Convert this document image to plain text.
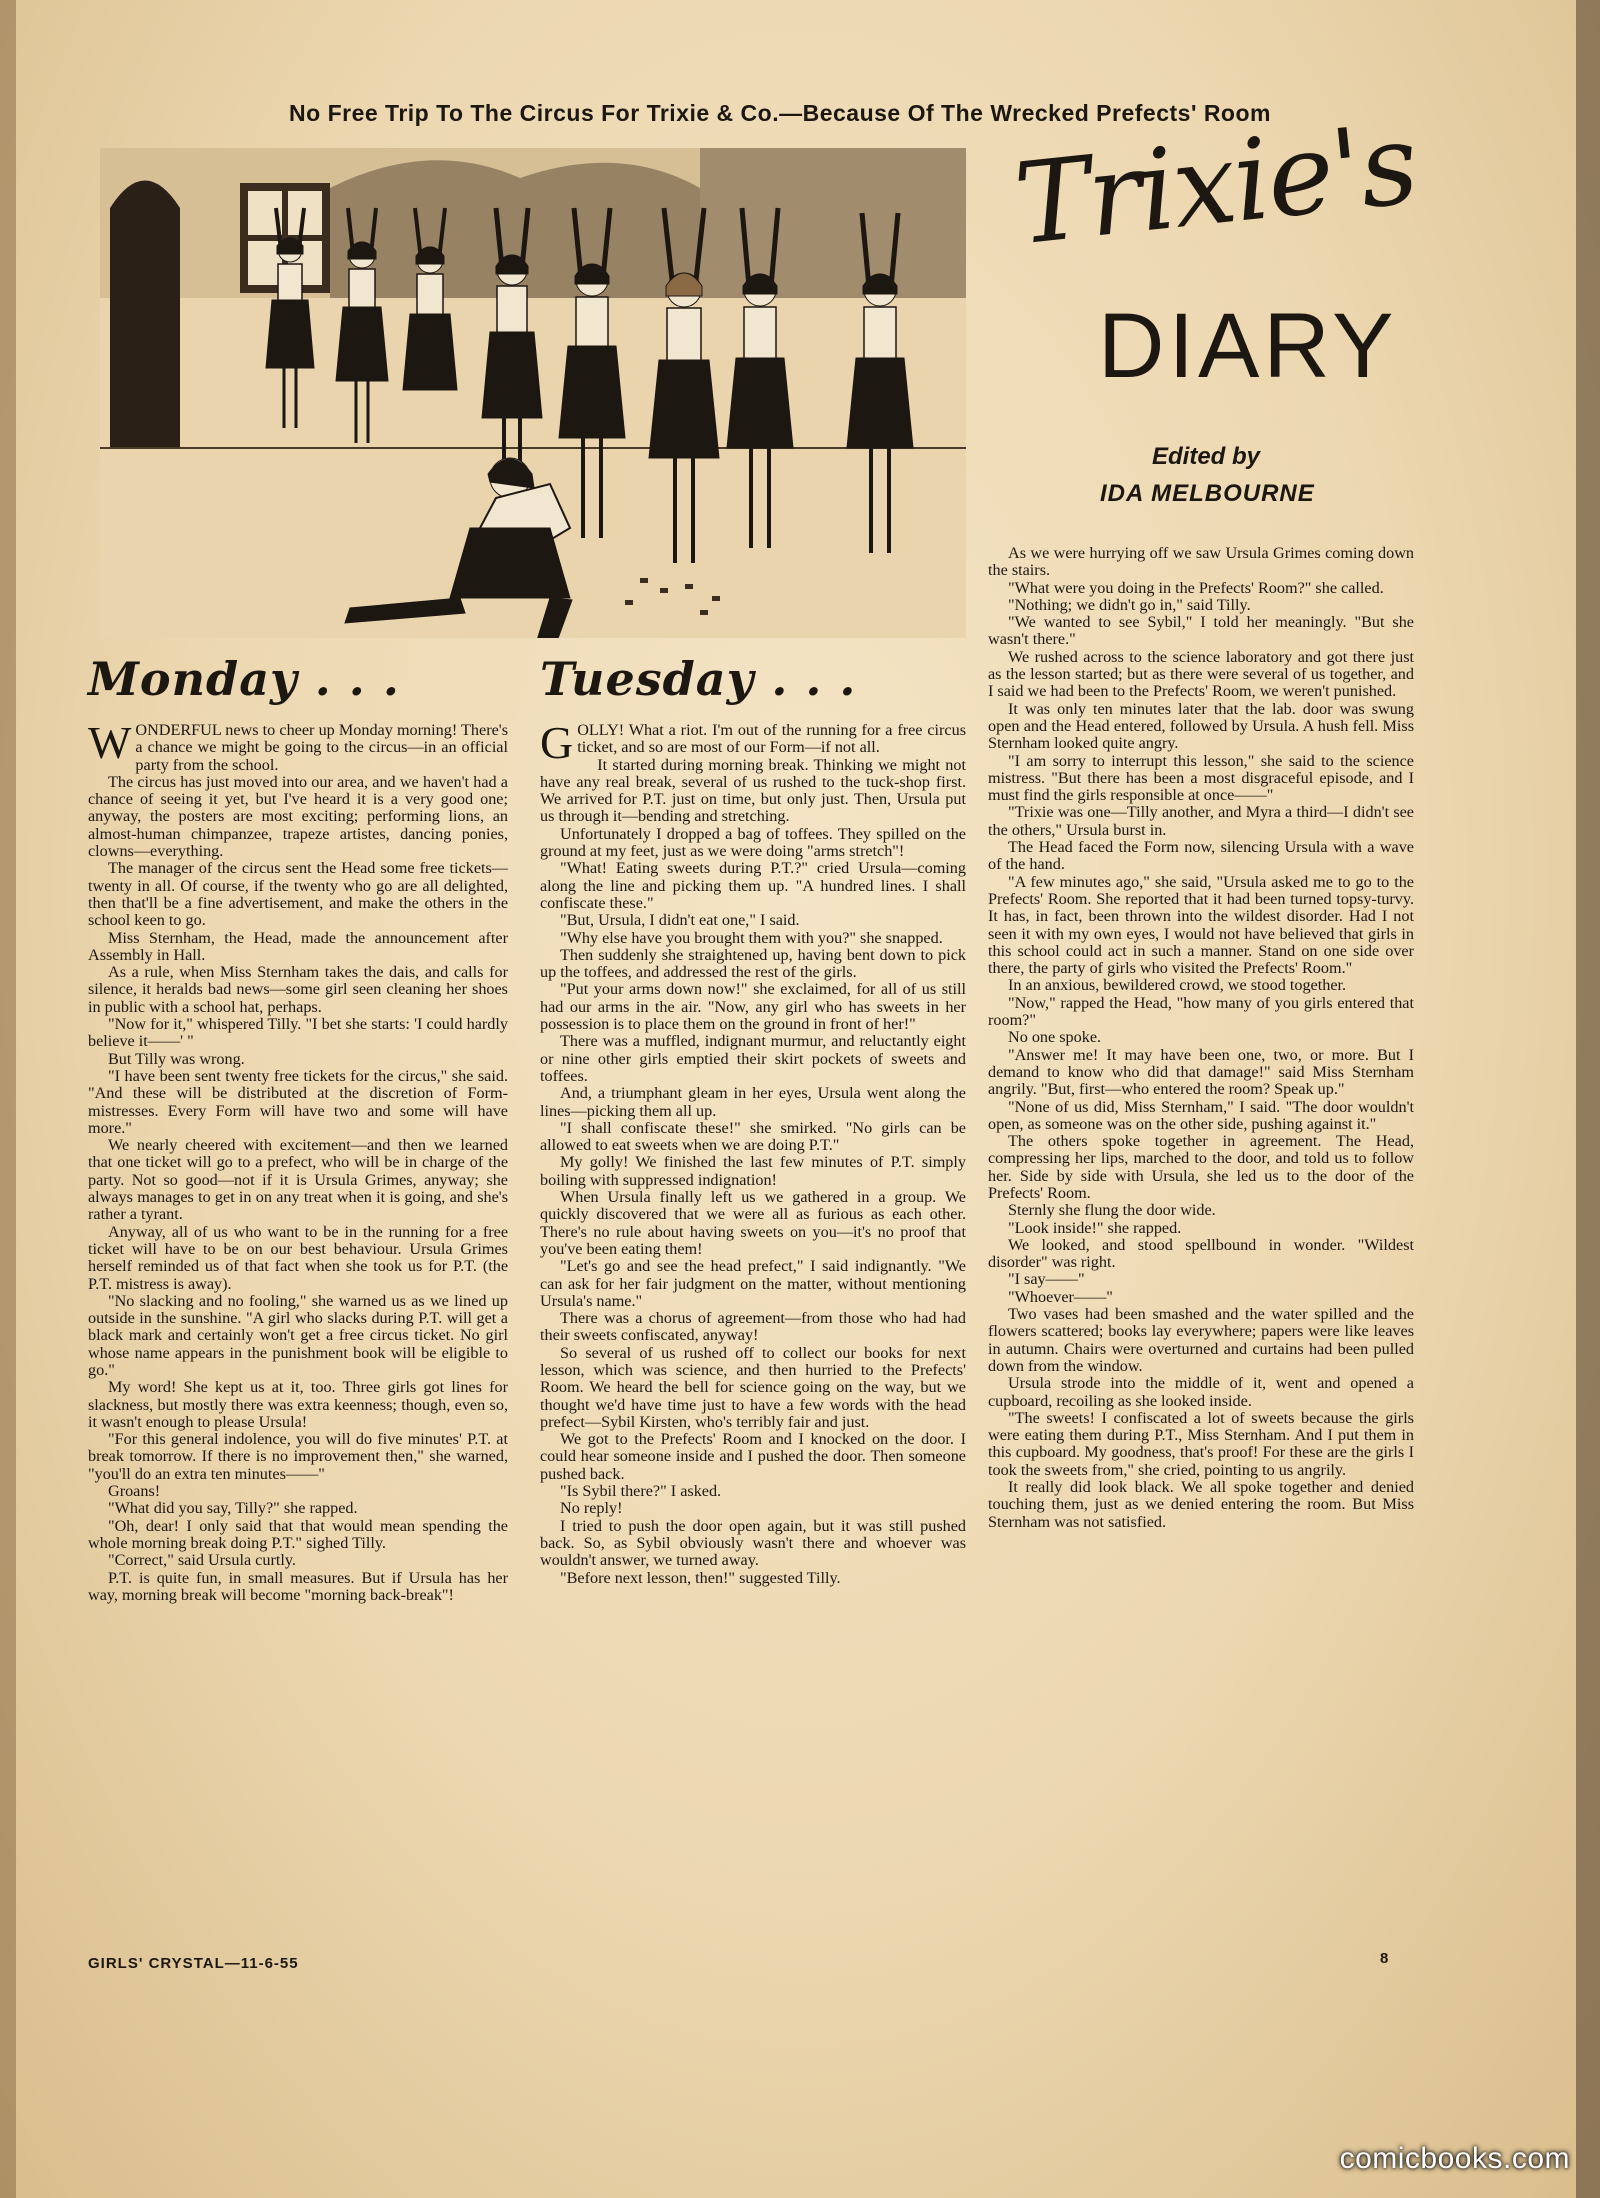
No Free Trip To The Circus For Trixie & Co.—Because Of The Wrecked Prefects' Room
Trixie's
DIARY
Edited by
IDA MELBOURNE
Monday . . .	Tuesday . . .
W ONDERFUL news to cheer up Monday morning! There's a chance we might be going to the circus—in an official party from the school.

The circus has just moved into our area, and we haven't had a chance of seeing it yet, but I've heard it is a very good one; anyway, the posters are most exciting; performing lions, an almost-human chimpanzee, trapeze artistes, dancing ponies, clowns—everything.

The manager of the circus sent the Head some free tickets—twenty in all. Of course, if the twenty who go are all delighted, then that'll be a fine advertisement, and make the others in the school keen to go.

Miss Sternham, the Head, made the announcement after Assembly in Hall.

As a rule, when Miss Sternham takes the dais, and calls for silence, it heralds bad news—some girl seen cleaning her shoes in public with a school hat, perhaps.

"Now for it," whispered Tilly. "I bet she starts: 'I could hardly believe it——' "

But Tilly was wrong.

"I have been sent twenty free tickets for the circus," she said. "And these will be distributed at the discretion of Form-mistresses. Every Form will have two and some will have more."

We nearly cheered with excitement—and then we learned that one ticket will go to a prefect, who will be in charge of the party. Not so good—not if it is Ursula Grimes, anyway; she always manages to get in on any treat when it is going, and she's rather a tyrant.

Anyway, all of us who want to be in the running for a free ticket will have to be on our best behaviour. Ursula Grimes herself reminded us of that fact when she took us for P.T. (the P.T. mistress is away).

"No slacking and no fooling," she warned us as we lined up outside in the sunshine. "A girl who slacks during P.T. will get a black mark and certainly won't get a free circus ticket. No girl whose name appears in the punishment book will be eligible to go."

My word! She kept us at it, too. Three girls got lines for slackness, but mostly there was extra keenness; though, even so, it wasn't enough to please Ursula!

"For this general indolence, you will do five minutes' P.T. at break tomorrow. If there is no improvement then," she warned, "you'll do an extra ten minutes——"

Groans!

"What did you say, Tilly?" she rapped.

"Oh, dear! I only said that that would mean spending the whole morning break doing P.T." sighed Tilly.

"Correct," said Ursula curtly.

P.T. is quite fun, in small measures. But if Ursula has her way, morning break will become "morning back-break"!

G OLLY! What a riot. I'm out of the running for a free circus ticket, and so are most of our Form—if not all.

It started during morning break. Thinking we might not have any real break, several of us rushed to the tuck-shop first. We arrived for P.T. just on time, but only just. Then, Ursula put us through it—bending and stretching.

Unfortunately I dropped a bag of toffees. They spilled on the ground at my feet, just as we were doing "arms stretch"!

"What! Eating sweets during P.T.?" cried Ursula—coming along the line and picking them up. "A hundred lines. I shall confiscate these."

"But, Ursula, I didn't eat one," I said.

"Why else have you brought them with you?" she snapped.

Then suddenly she straightened up, having bent down to pick up the toffees, and addressed the rest of the girls.

"Put your arms down now!" she exclaimed, for all of us still had our arms in the air. "Now, any girl who has sweets in her possession is to place them on the ground in front of her!"

There was a muffled, indignant murmur, and reluctantly eight or nine other girls emptied their skirt pockets of sweets and toffees.

And, a triumphant gleam in her eyes, Ursula went along the lines—picking them all up.

"I shall confiscate these!" she smirked. "No girls can be allowed to eat sweets when we are doing P.T."

My golly! We finished the last few minutes of P.T. simply boiling with suppressed indignation!

When Ursula finally left us we gathered in a group. We quickly discovered that we were all as furious as each other. There's no rule about having sweets on you—it's no proof that you've been eating them!

"Let's go and see the head prefect," I said indignantly. "We can ask for her fair judgment on the matter, without mentioning Ursula's name."

There was a chorus of agreement—from those who had had their sweets confiscated, anyway!

So several of us rushed off to collect our books for next lesson, which was science, and then hurried to the Prefects' Room. We heard the bell for science going on the way, but we thought we'd have time just to have a few words with the head prefect—Sybil Kirsten, who's terribly fair and just.

We got to the Prefects' Room and I knocked on the door. I could hear someone inside and I pushed the door. Then someone pushed back.

"Is Sybil there?" I asked.

No reply!

I tried to push the door open again, but it was still pushed back. So, as Sybil obviously wasn't there and whoever was wouldn't answer, we turned away.

"Before next lesson, then!" suggested Tilly.

As we were hurrying off we saw Ursula Grimes coming down the stairs.

"What were you doing in the Prefects' Room?" she called.

"Nothing; we didn't go in," said Tilly.

"We wanted to see Sybil," I told her meaningly. "But she wasn't there."

We rushed across to the science laboratory and got there just as the lesson started; but as there were several of us together, and I said we had been to the Prefects' Room, we weren't punished.

It was only ten minutes later that the lab. door was swung open and the Head entered, followed by Ursula. A hush fell. Miss Sternham looked quite angry.

"I am sorry to interrupt this lesson," she said to the science mistress. "But there has been a most disgraceful episode, and I must find the girls responsible at once——"

"Trixie was one—Tilly another, and Myra a third—I didn't see the others," Ursula burst in.

The Head faced the Form now, silencing Ursula with a wave of the hand.

"A few minutes ago," she said, "Ursula asked me to go to the Prefects' Room. She reported that it had been turned topsy-turvy. It has, in fact, been thrown into the wildest disorder. Had I not seen it with my own eyes, I would not have believed that girls in this school could act in such a manner. Stand on one side over there, the party of girls who visited the Prefects' Room."

In an anxious, bewildered crowd, we stood together.

"Now," rapped the Head, "how many of you girls entered that room?"

No one spoke.

"Answer me! It may have been one, two, or more. But I demand to know who did that damage!" said Miss Sternham angrily. "But, first—who entered the room? Speak up."

"None of us did, Miss Sternham," I said. "The door wouldn't open, as someone was on the other side, pushing against it."

The others spoke together in agreement. The Head, compressing her lips, marched to the door, and told us to follow her. Side by side with Ursula, she led us to the door of the Prefects' Room.

Sternly she flung the door wide.

"Look inside!" she rapped.

We looked, and stood spellbound in wonder. "Wildest disorder" was right.

"I say——"

"Whoever——"

Two vases had been smashed and the water spilled and the flowers scattered; books lay everywhere; papers were like leaves in autumn. Chairs were overturned and curtains had been pulled down from the window.

Ursula strode into the middle of it, went and opened a cupboard, recoiling as she looked inside.

"The sweets! I confiscated a lot of sweets because the girls were eating them during P.T., Miss Sternham. And I put them in this cupboard. My goodness, that's proof! For these are the girls I took the sweets from," she cried, pointing to us angrily.

It really did look black. We all spoke together and denied touching them, just as we denied entering the room. But Miss Sternham was not satisfied.

GIRLS' CRYSTAL—11-6-55	8
comicbooks.com
